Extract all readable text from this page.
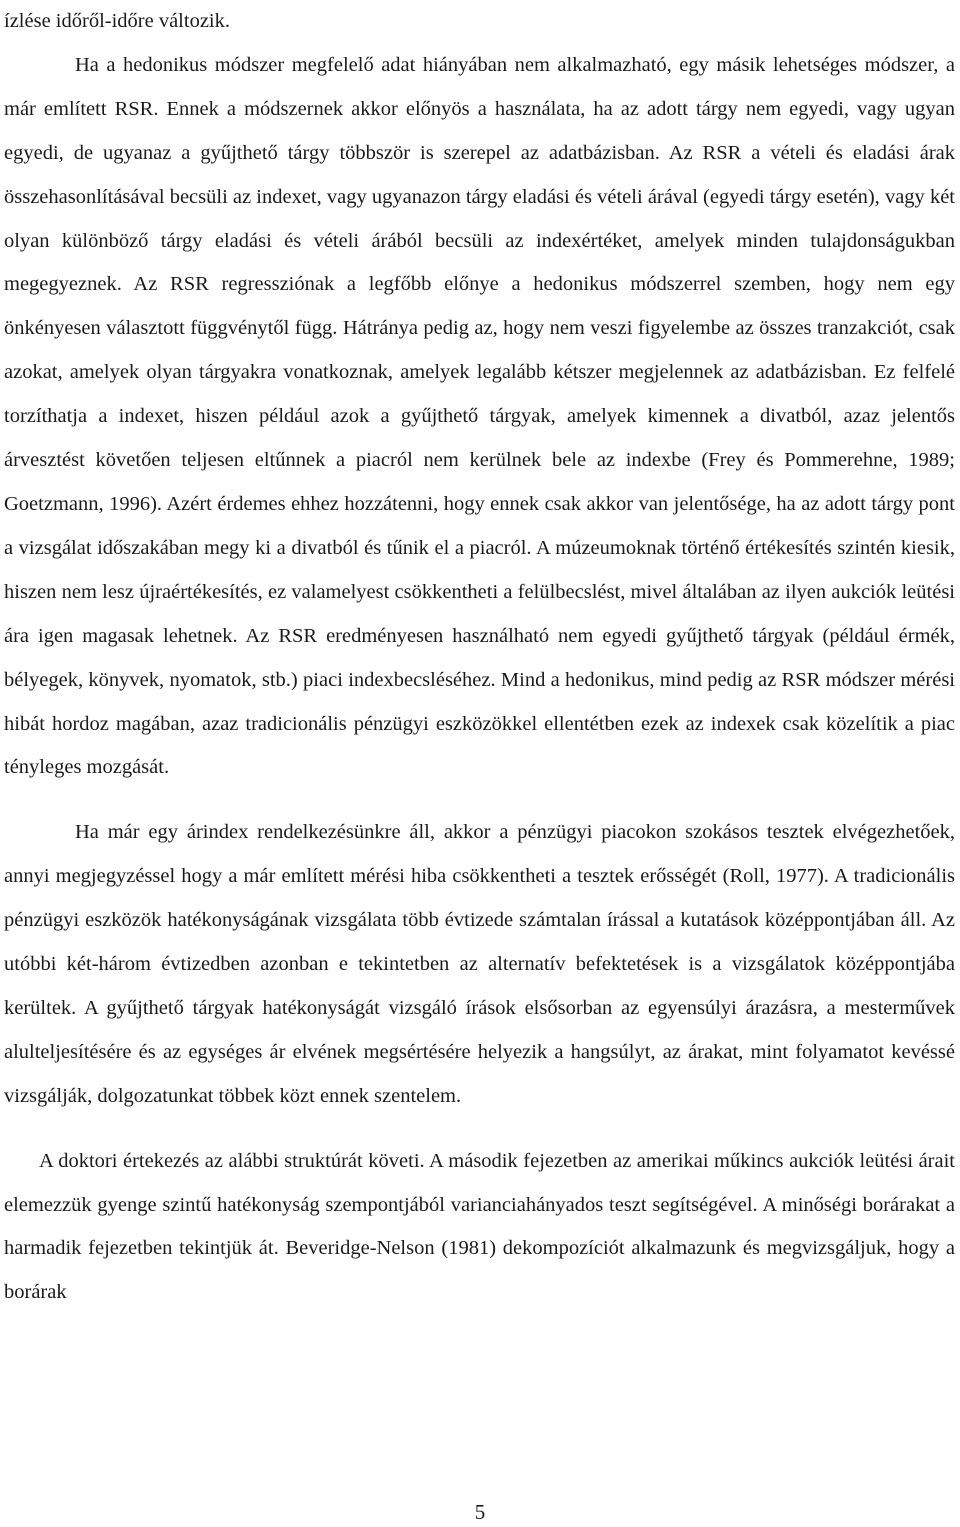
ízlése időről-időre változik.

Ha a hedonikus módszer megfelelő adat hiányában nem alkalmazható, egy másik lehetséges módszer, a már említett RSR. Ennek a módszernek akkor előnyös a használata, ha az adott tárgy nem egyedi, vagy ugyan egyedi, de ugyanaz a gyűjthető tárgy többször is szerepel az adatbázisban. Az RSR a vételi és eladási árak összehasonlításával becsüli az indexet, vagy ugyanazon tárgy eladási és vételi árával (egyedi tárgy esetén), vagy két olyan különböző tárgy eladási és vételi árából becsüli az indexértéket, amelyek minden tulajdonságukban megegyeznek. Az RSR regressziónak a legfőbb előnye a hedonikus módszerrel szemben, hogy nem egy önkényesen választott függvénytől függ. Hátránya pedig az, hogy nem veszi figyelembe az összes tranzakciót, csak azokat, amelyek olyan tárgyakra vonatkoznak, amelyek legalább kétszer megjelennek az adatbázisban. Ez felfelé torzíthatja a indexet, hiszen például azok a gyűjthető tárgyak, amelyek kimennek a divatból, azaz jelentős árvesztést követően teljesen eltűnnek a piacról nem kerülnek bele az indexbe (Frey és Pommerehne, 1989; Goetzmann, 1996). Azért érdemes ehhez hozzátenni, hogy ennek csak akkor van jelentősége, ha az adott tárgy pont a vizsgálat időszakában megy ki a divatból és tűnik el a piacról. A múzeumoknak történő értékesítés szintén kiesik, hiszen nem lesz újraértékesítés, ez valamelyest csökkentheti a felülbecslést, mivel általában az ilyen aukciók leütési ára igen magasak lehetnek. Az RSR eredményesen használható nem egyedi gyűjthető tárgyak (például érmék, bélyegek, könyvek, nyomatok, stb.) piaci indexbecsléséhez. Mind a hedonikus, mind pedig az RSR módszer mérési hibát hordoz magában, azaz tradicionális pénzügyi eszközökkel ellentétben ezek az indexek csak közelítik a piac tényleges mozgását.

Ha már egy árindex rendelkezésünkre áll, akkor a pénzügyi piacokon szokásos tesztek elvégezhetőek, annyi megjegyzéssel hogy a már említett mérési hiba csökkentheti a tesztek erősségét (Roll, 1977). A tradicionális pénzügyi eszközök hatékonyságának vizsgálata több évtizede számtalan írással a kutatások középpontjában áll. Az utóbbi két-három évtizedben azonban e tekintetben az alternatív befektetések is a vizsgálatok középpontjába kerültek. A gyűjthető tárgyak hatékonyságát vizsgáló írások elsősorban az egyensúlyi árazásra, a mesterművek alulteljesítésére és az egységes ár elvének megsértésére helyezik a hangsúlyt, az árakat, mint folyamatot kevéssé vizsgálják, dolgozatunkat többek közt ennek szentelem.

A doktori értekezés az alábbi struktúrát követi. A második fejezetben az amerikai műkincs aukciók leütési árait elemezzük gyenge szintű hatékonyság szempontjából varianciahányados teszt segítségével. A minőségi borárakat a harmadik fejezetben tekintjük át. Beveridge-Nelson (1981) dekompozíciót alkalmazunk és megvizsgáljuk, hogy a borárak

5
